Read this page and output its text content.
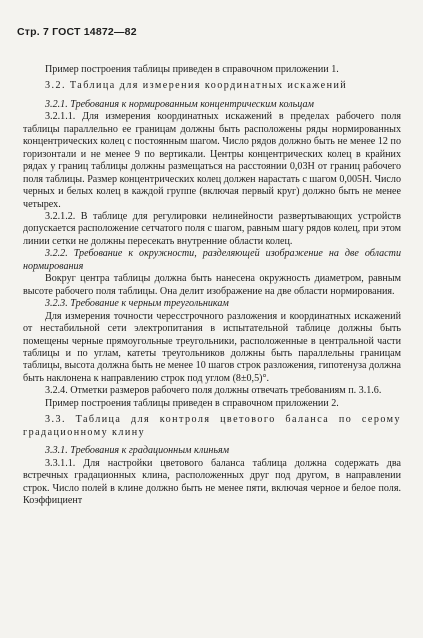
Стр. 7 ГОСТ 14872—82

Пример построения таблицы приведен в справочном приложении 1.

3.2. Таблица для измерения координатных искажений

3.2.1. Требования к нормированным концентрическим кольцам

3.2.1.1. Для измерения координатных искажений в пределах рабочего поля таблицы параллельно ее границам должны быть расположены ряды нормированных концентрических колец с постоянным шагом. Число рядов должно быть не менее 12 по горизонтали и не менее 9 по вертикали. Центры концентрических колец в крайних рядах у границ таблицы должны размещаться на расстоянии 0,03H от границ рабочего поля таблицы. Размер концентрических колец должен нарастать с шагом 0,005H. Число черных и белых колец в каждой группе (включая первый круг) должно быть не менее четырех.

3.2.1.2. В таблице для регулировки нелинейности развертывающих устройств допускается расположение сетчатого поля с шагом, равным шагу рядов колец, при этом линии сетки не должны пересекать внутренние области колец.

3.2.2. Требование к окружности, разделяющей изображение на две области нормирования

Вокруг центра таблицы должна быть нанесена окружность диаметром, равным высоте рабочего поля таблицы. Она делит изображение на две области нормирования.

3.2.3. Требование к черным треугольникам

Для измерения точности чересстрочного разложения и координатных искажений от нестабильной сети электропитания в испытательной таблице должны быть помещены черные прямоугольные треугольники, расположенные в центральной части таблицы и по углам, катеты треугольников должны быть параллельны границам таблицы, высота должна быть не менее 10 шагов строк разложения, гипотенуза должна быть наклонена к направлению строк под углом (8±0,5)°.

3.2.4. Отметки размеров рабочего поля должны отвечать требованиям п. 3.1.6.

Пример построения таблицы приведен в справочном приложении 2.

3.3. Таблица для контроля цветового баланса по серому градационному клину

3.3.1. Требования к градационным клиньям

3.3.1.1. Для настройки цветового баланса таблица должна содержать два встречных градационных клина, расположенных друг под другом, в направлении строк. Число полей в клине должно быть не менее пяти, включая черное и белое поля. Коэффициент
